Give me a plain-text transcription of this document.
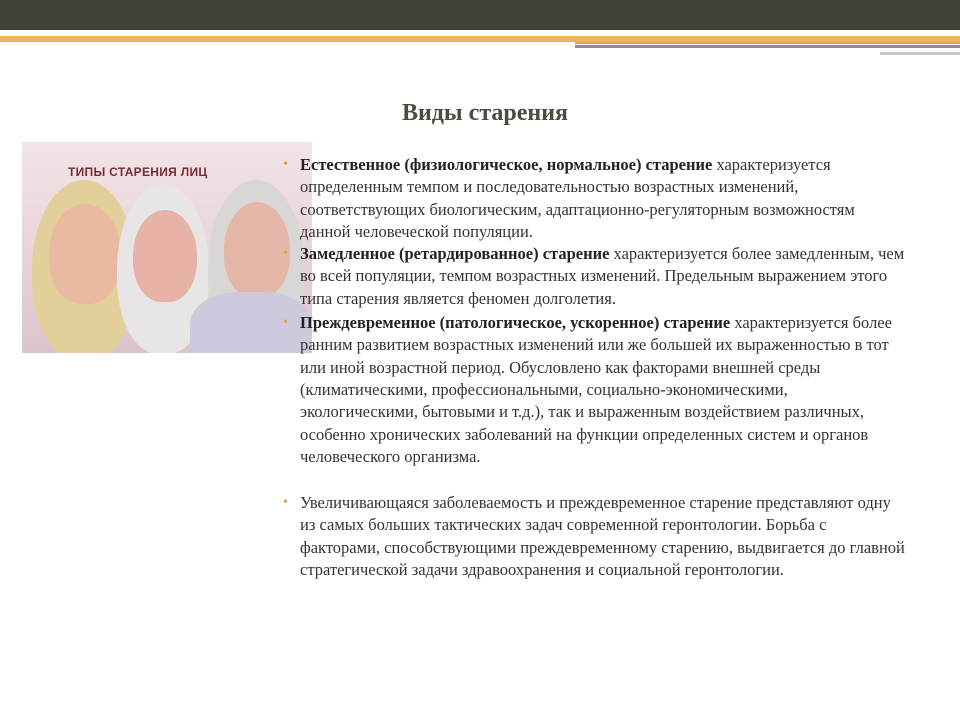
Виды старения
ТИПЫ СТАРЕНИЯ ЛИЦ	• Естественное (физиологическое, нормальное) старение характеризуется определенным темпом и последовательностью возрастных изменений, соответствующих биологическим, адаптационно-регуляторным возможностям данной человеческой популяции.

• Замедленное (ретардированное) старение характеризуется более замедленным, чем во всей популяции, темпом возрастных изменений. Предельным выражением этого типа старения является феномен долголетия.

• Преждевременное (патологическое, ускоренное) старение характеризуется более ранним развитием возрастных изменений или же большей их выраженностью в тот или иной возрастной период. Обусловлено как факторами внешней среды (климатическими, профессиональными, социально-экономическими, экологическими, бытовыми и т.д.), так и выраженным воздействием различных, особенно хронических заболеваний на функции определенных систем и органов человеческого организма.

• Увеличивающаяся заболеваемость и преждевременное старение представляют одну из самых больших тактических задач современной геронтологии. Борьба с факторами, способствующими преждевременному старению, выдвигается до главной стратегической задачи здравоохранения и социальной геронтологии.
